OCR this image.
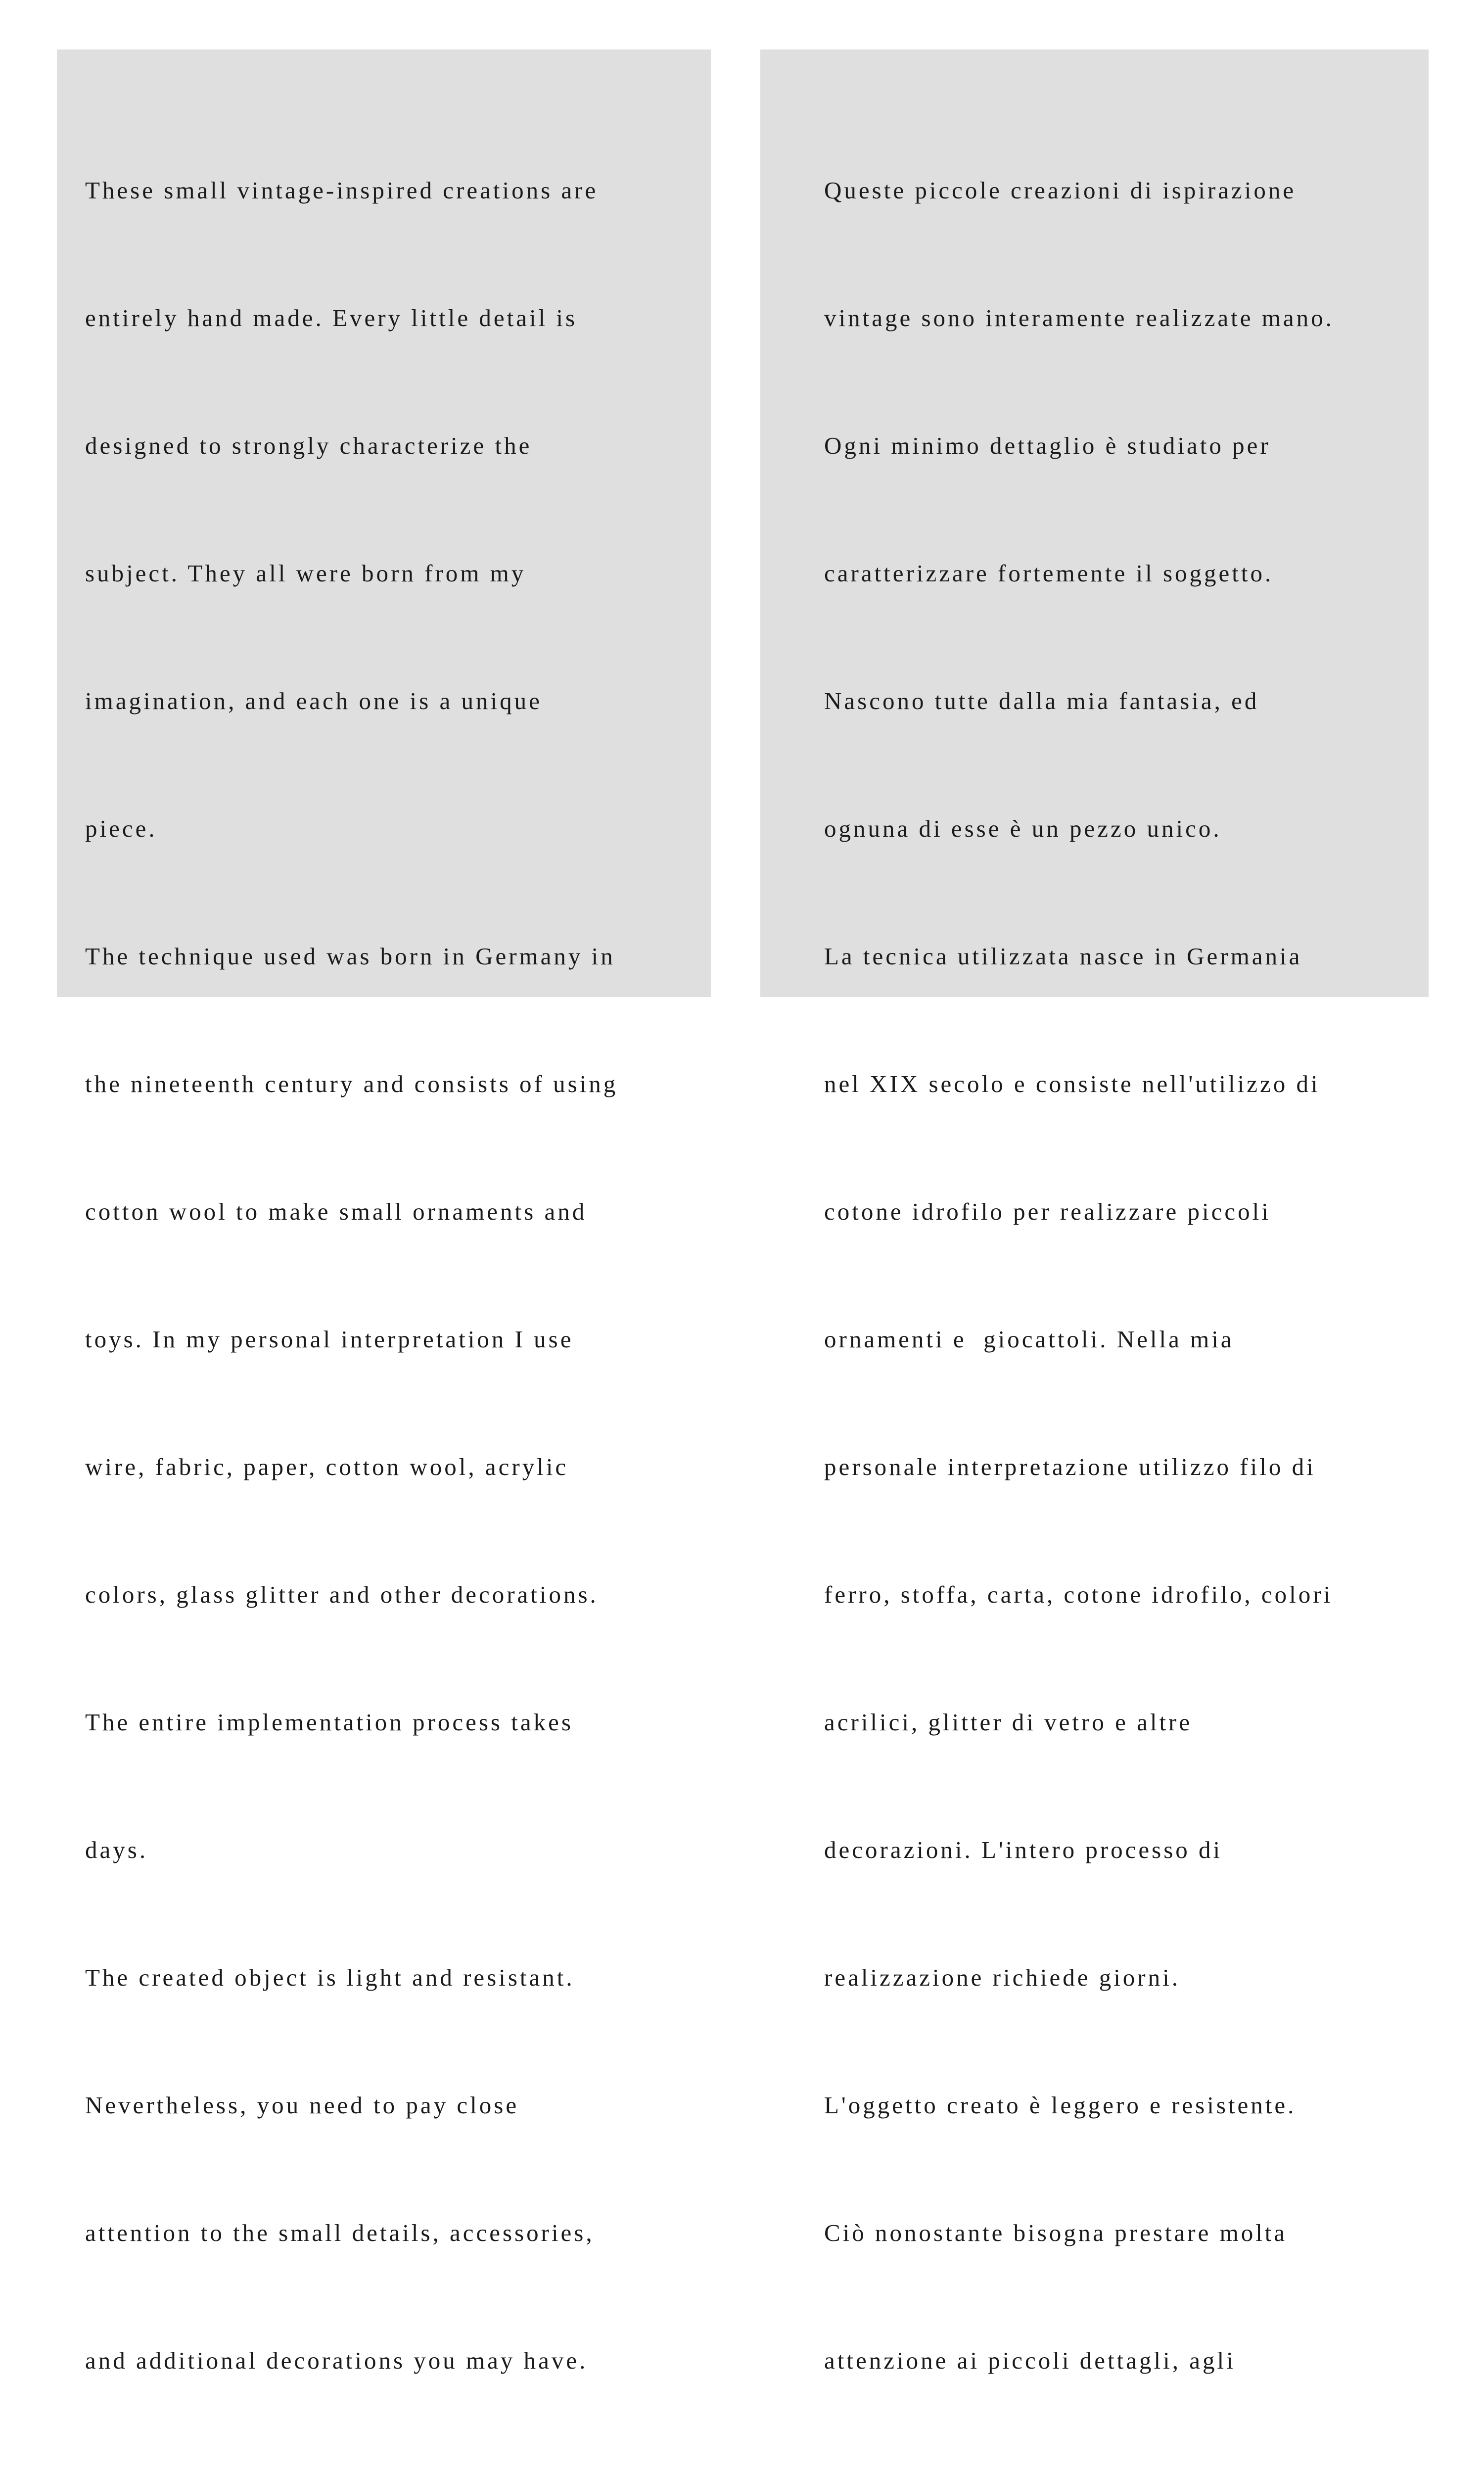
These small vintage-inspired creations are

entirely hand made. Every little detail is

designed to strongly characterize the

subject. They all were born from my

imagination, and each one is a unique

piece.

The technique used was born in Germany in

the nineteenth century and consists of using

cotton wool to make small ornaments and

toys. In my personal interpretation I use

wire, fabric, paper, cotton wool, acrylic

colors, glass glitter and other decorations.

The entire implementation process takes

days.

The created object is light and resistant.

Nevertheless, you need to pay close

attention to the small details, accessories,

and additional decorations you may have.

Queste piccole creazioni di ispirazione

vintage sono interamente realizzate mano.

Ogni minimo dettaglio è studiato per

caratterizzare fortemente il soggetto.

Nascono tutte dalla mia fantasia, ed

ognuna di esse è un pezzo unico.

La tecnica utilizzata nasce in Germania

nel XIX secolo e consiste nell'utilizzo di

cotone idrofilo per realizzare piccoli

ornamenti e  giocattoli. Nella mia

personale interpretazione utilizzo filo di

ferro, stoffa, carta, cotone idrofilo, colori

acrilici, glitter di vetro e altre

decorazioni. L'intero processo di

realizzazione richiede giorni.

L'oggetto creato è leggero e resistente.

Ciò nonostante bisogna prestare molta

attenzione ai piccoli dettagli, agli
